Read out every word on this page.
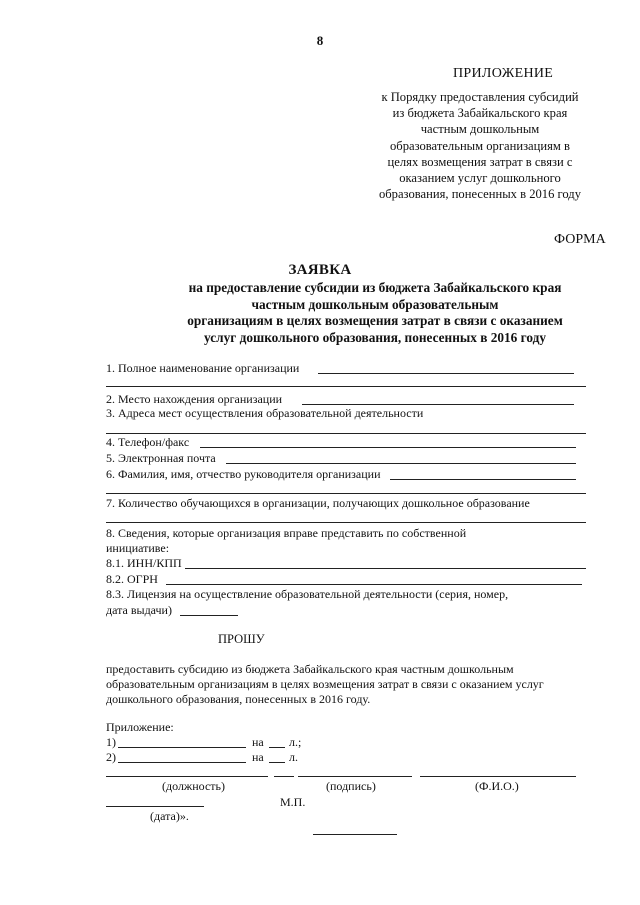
8
ПРИЛОЖЕНИЕ
к Порядку предоставления субсидий
из бюджета Забайкальского края
частным дошкольным
образовательным организациям в
целях возмещения затрат в связи с
оказанием услуг дошкольного
образования, понесенных в 2016 году
ФОРМА
ЗАЯВКА
на предоставление субсидии из бюджета Забайкальского края
частным дошкольным образовательным
организациям в целях возмещения затрат в связи с оказанием
услуг дошкольного образования, понесенных в 2016 году
1. Полное наименование организации
2. Место нахождения организации
3. Адреса мест осуществления образовательной деятельности
4. Телефон/факс
5. Электронная почта
6. Фамилия, имя, отчество руководителя организации
7. Количество обучающихся в организации, получающих дошкольное образование
8. Сведения, которые организация вправе представить по собственной
инициативе:
8.1. ИНН/КПП
8.2. ОГРН
8.3. Лицензия на осуществление образовательной деятельности (серия, номер,
дата выдачи)
ПРОШУ
предоставить субсидию из бюджета Забайкальского края частным дошкольным
образовательным организациям в целях возмещения затрат в связи с оказанием услуг
дошкольного образования, понесенных в 2016 году.
Приложение:
1)	на л.;
2)	на л.
(должность)	(подпись)	(Ф.И.О.)
М.П.
(дата)».
